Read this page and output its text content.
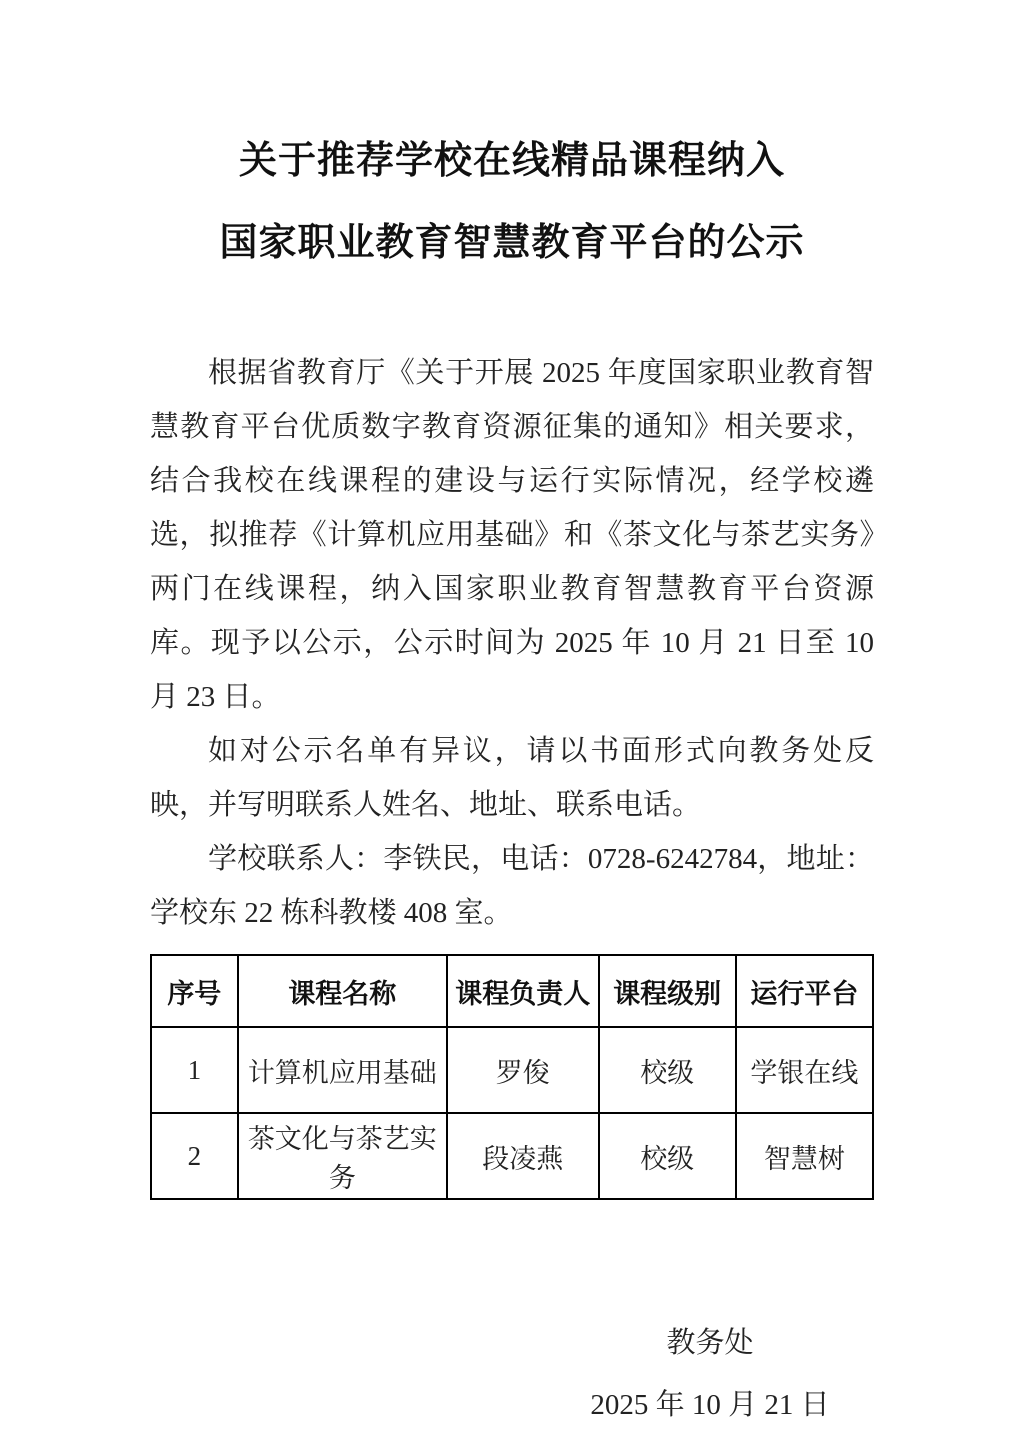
关于推荐学校在线精品课程纳入
国家职业教育智慧教育平台的公示

根据省教育厅《关于开展 2025 年度国家职业教育智慧教育平台优质数字教育资源征集的通知》相关要求，结合我校在线课程的建设与运行实际情况，经学校遴选，拟推荐《计算机应用基础》和《茶文化与茶艺实务》两门在线课程，纳入国家职业教育智慧教育平台资源库。现予以公示，公示时间为 2025 年 10 月 21 日至 10 月 23 日。

如对公示名单有异议，请以书面形式向教务处反映，并写明联系人姓名、地址、联系电话。

学校联系人：李铁民，电话：0728-6242784，地址：学校东 22 栋科教楼 408 室。

序号	课程名称	课程负责人	课程级别	运行平台
1	计算机应用基础	罗俊	校级	学银在线
2	茶文化与茶艺实务	段凌燕	校级	智慧树
教务处
2025 年 10 月 21 日
